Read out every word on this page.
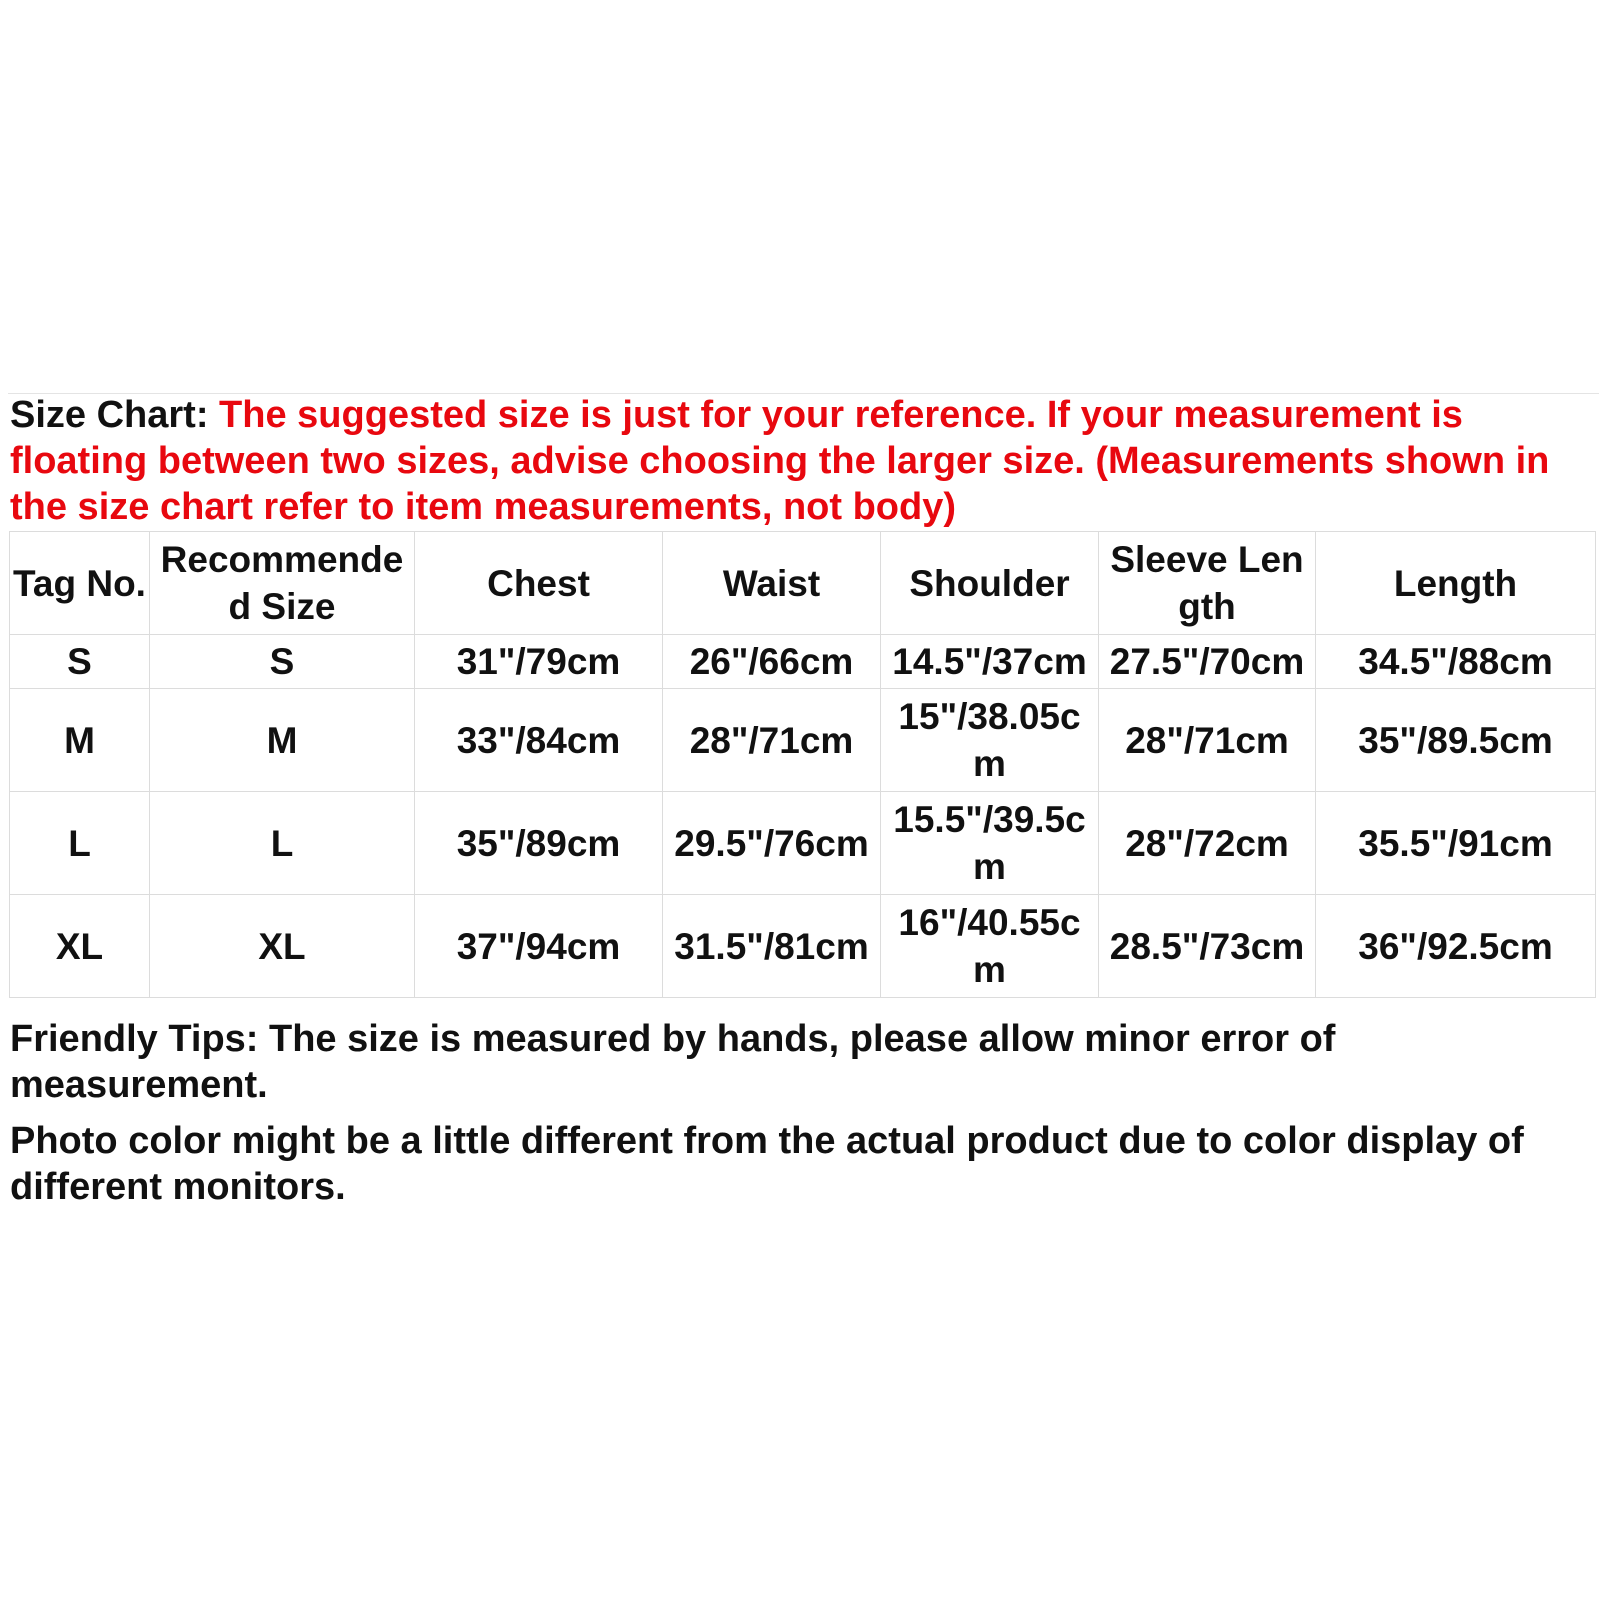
Size Chart: The suggested size is just for your reference. If your measurement is floating between two sizes, advise choosing the larger size. (Measurements shown in the size chart refer to item measurements, not body)

Tag No.	Recommended Size	Chest	Waist	Shoulder	Sleeve Length	Length
S	S	31"/79cm	26"/66cm	14.5"/37cm	27.5"/70cm	34.5"/88cm
M	M	33"/84cm	28"/71cm	15"/38.05cm	28"/71cm	35"/89.5cm
L	L	35"/89cm	29.5"/76cm	15.5"/39.5cm	28"/72cm	35.5"/91cm
XL	XL	37"/94cm	31.5"/81cm	16"/40.55cm	28.5"/73cm	36"/92.5cm

Friendly Tips: The size is measured by hands, please allow minor error of measurement.

Photo color might be a little different from the actual product due to color display of different monitors.
